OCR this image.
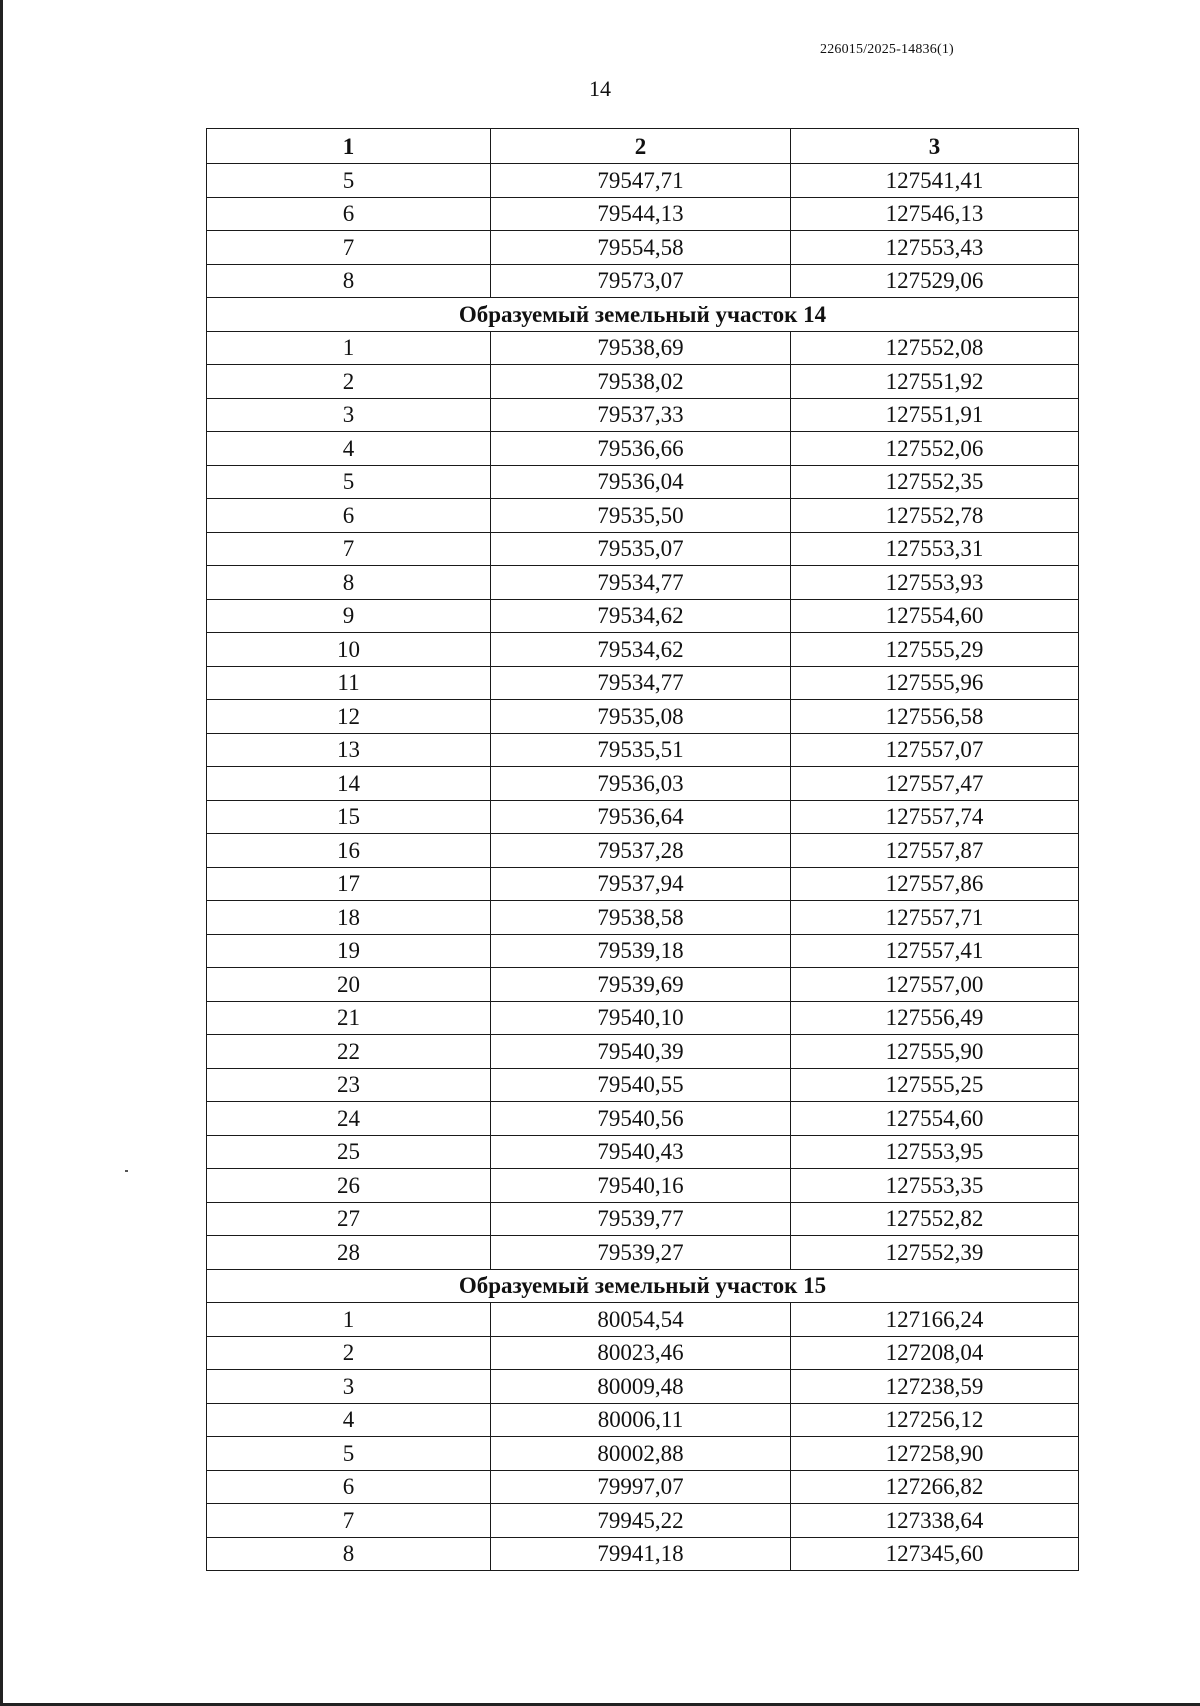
226015/2025-14836(1)
14
1	2	3
5	79547,71	127541,41
6	79544,13	127546,13
7	79554,58	127553,43
8	79573,07	127529,06
Образуемый земельный участок 14		
1	79538,69	127552,08
2	79538,02	127551,92
3	79537,33	127551,91
4	79536,66	127552,06
5	79536,04	127552,35
6	79535,50	127552,78
7	79535,07	127553,31
8	79534,77	127553,93
9	79534,62	127554,60
10	79534,62	127555,29
11	79534,77	127555,96
12	79535,08	127556,58
13	79535,51	127557,07
14	79536,03	127557,47
15	79536,64	127557,74
16	79537,28	127557,87
17	79537,94	127557,86
18	79538,58	127557,71
19	79539,18	127557,41
20	79539,69	127557,00
21	79540,10	127556,49
22	79540,39	127555,90
23	79540,55	127555,25
24	79540,56	127554,60
25	79540,43	127553,95
26	79540,16	127553,35
27	79539,77	127552,82
28	79539,27	127552,39
Образуемый земельный участок 15		
1	80054,54	127166,24
2	80023,46	127208,04
3	80009,48	127238,59
4	80006,11	127256,12
5	80002,88	127258,90
6	79997,07	127266,82
7	79945,22	127338,64
8	79941,18	127345,60
